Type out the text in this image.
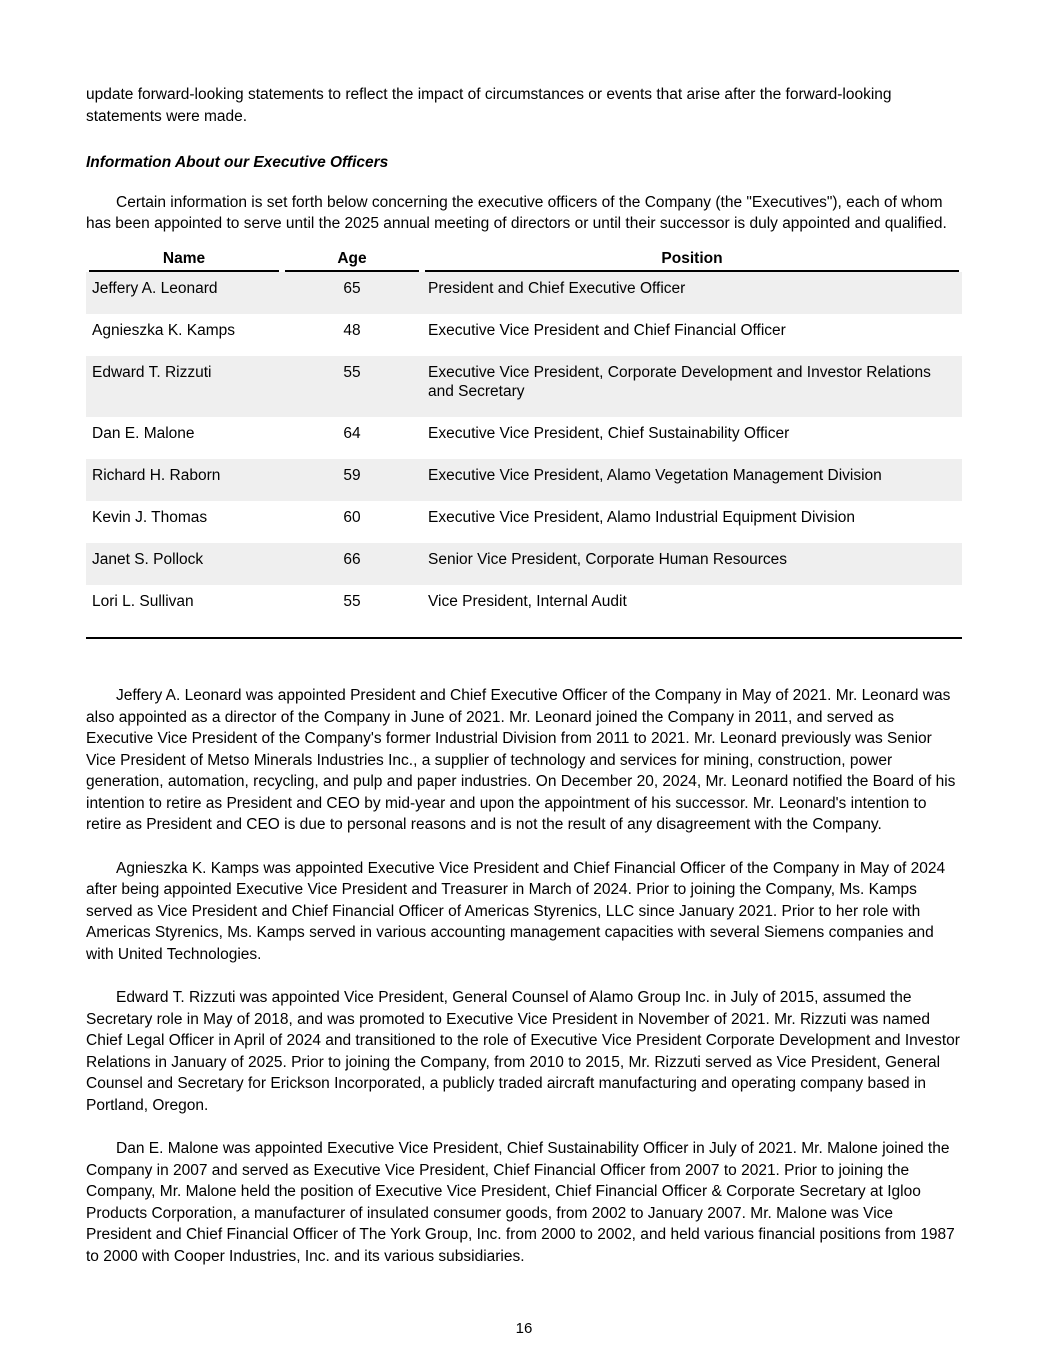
update forward-looking statements to reflect the impact of circumstances or events that arise after the forward-looking statements were made.

Information About our Executive Officers

Certain information is set forth below concerning the executive officers of the Company (the "Executives"), each of whom has been appointed to serve until the 2025 annual meeting of directors or until their successor is duly appointed and qualified.

Name	Age	Position
Jeffery A. Leonard	65	President and Chief Executive Officer
Agnieszka K. Kamps	48	Executive Vice President and Chief Financial Officer
Edward T. Rizzuti	55	Executive Vice President, Corporate Development and Investor Relations and Secretary
Dan E. Malone	64	Executive Vice President, Chief Sustainability Officer
Richard H. Raborn	59	Executive Vice President, Alamo Vegetation Management Division
Kevin J. Thomas	60	Executive Vice President, Alamo Industrial Equipment Division
Janet S. Pollock	66	Senior Vice President, Corporate Human Resources
Lori L. Sullivan	55	Vice President, Internal Audit

Jeffery A. Leonard was appointed President and Chief Executive Officer of the Company in May of 2021. Mr. Leonard was also appointed as a director of the Company in June of 2021. Mr. Leonard joined the Company in 2011, and served as Executive Vice President of the Company's former Industrial Division from 2011 to 2021. Mr. Leonard previously was Senior Vice President of Metso Minerals Industries Inc., a supplier of technology and services for mining, construction, power generation, automation, recycling, and pulp and paper industries. On December 20, 2024, Mr. Leonard notified the Board of his intention to retire as President and CEO by mid-year and upon the appointment of his successor. Mr. Leonard's intention to retire as President and CEO is due to personal reasons and is not the result of any disagreement with the Company.

Agnieszka K. Kamps was appointed Executive Vice President and Chief Financial Officer of the Company in May of 2024 after being appointed Executive Vice President and Treasurer in March of 2024. Prior to joining the Company, Ms. Kamps served as Vice President and Chief Financial Officer of Americas Styrenics, LLC since January 2021. Prior to her role with Americas Styrenics, Ms. Kamps served in various accounting management capacities with several Siemens companies and with United Technologies.

Edward T. Rizzuti was appointed Vice President, General Counsel of Alamo Group Inc. in July of 2015, assumed the Secretary role in May of 2018, and was promoted to Executive Vice President in November of 2021. Mr. Rizzuti was named Chief Legal Officer in April of 2024 and transitioned to the role of Executive Vice President Corporate Development and Investor Relations in January of 2025. Prior to joining the Company, from 2010 to 2015, Mr. Rizzuti served as Vice President, General Counsel and Secretary for Erickson Incorporated, a publicly traded aircraft manufacturing and operating company based in Portland, Oregon.

Dan E. Malone was appointed Executive Vice President, Chief Sustainability Officer in July of 2021. Mr. Malone joined the Company in 2007 and served as Executive Vice President, Chief Financial Officer from 2007 to 2021. Prior to joining the Company, Mr. Malone held the position of Executive Vice President, Chief Financial Officer & Corporate Secretary at Igloo Products Corporation, a manufacturer of insulated consumer goods, from 2002 to January 2007. Mr. Malone was Vice President and Chief Financial Officer of The York Group, Inc. from 2000 to 2002, and held various financial positions from 1987 to 2000 with Cooper Industries, Inc. and its various subsidiaries.

16
